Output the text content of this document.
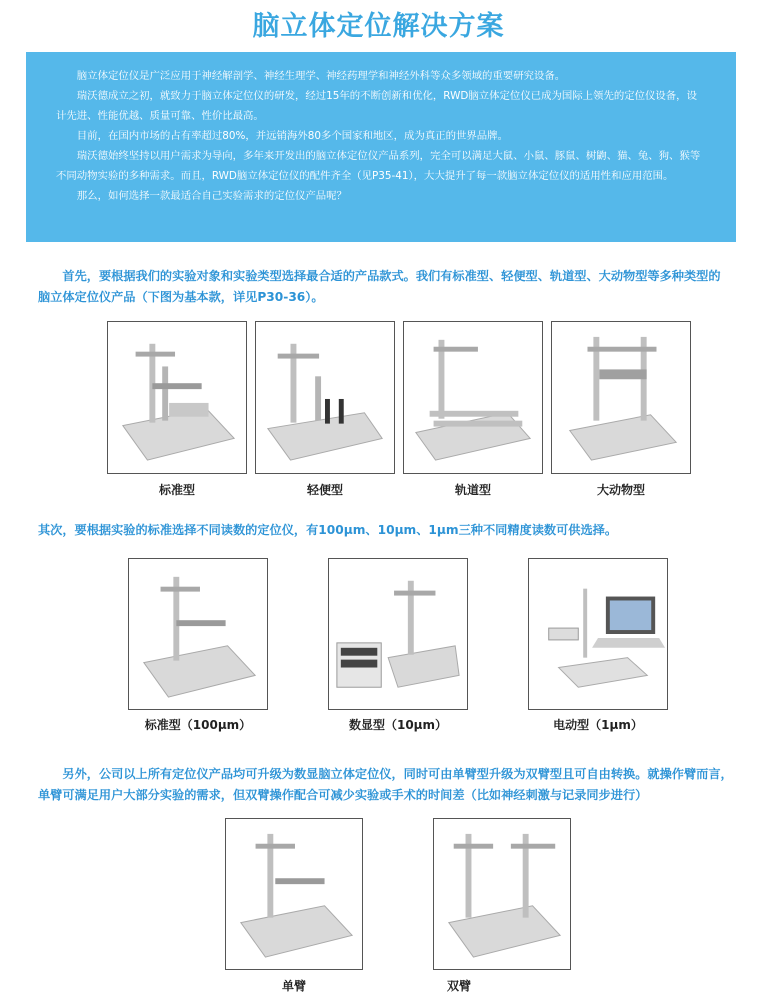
脑立体定位解决方案

脑立体定位仪是广泛应用于神经解剖学、神经生理学、神经药理学和神经外科等众多领域的重要研究设备。

瑞沃德成立之初，就致力于脑立体定位仪的研发，经过15年的不断创新和优化，RWD脑立体定位仪已成为国际上领先的定位仪设备，设计先进、性能优越、质量可靠、性价比最高。

目前，在国内市场的占有率超过80%，并远销海外80多个国家和地区，成为真正的世界品牌。

瑞沃德始终坚持以用户需求为导向，多年来开发出的脑立体定位仪产品系列，完全可以满足大鼠、小鼠、豚鼠、树鼩、猫、兔、狗、猴等不同动物实验的多种需求。而且，RWD脑立体定位仪的配件齐全（见P35-41），大大提升了每一款脑立体定位仪的适用性和应用范围。

那么，如何选择一款最适合自己实验需求的定位仪产品呢？

首先，要根据我们的实验对象和实验类型选择最合适的产品款式。我们有标准型、轻便型、轨道型、大动物型等多种类型的脑立体定位仪产品（下图为基本款，详见P30-36）。
标准型	轻便型	轨道型	大动物型
其次，要根据实验的标准选择不同读数的定位仪，有100μm、10μm、1μm三种不同精度读数可供选择。
标准型（100μm）	数显型（10μm）	电动型（1μm）
另外，公司以上所有定位仪产品均可升级为数显脑立体定位仪，同时可由单臂型升级为双臂型且可自由转换。就操作臂而言，单臂可满足用户大部分实验的需求，但双臂操作配合可减少实验或手术的时间差（比如神经刺激与记录同步进行）
单臂	双臂
